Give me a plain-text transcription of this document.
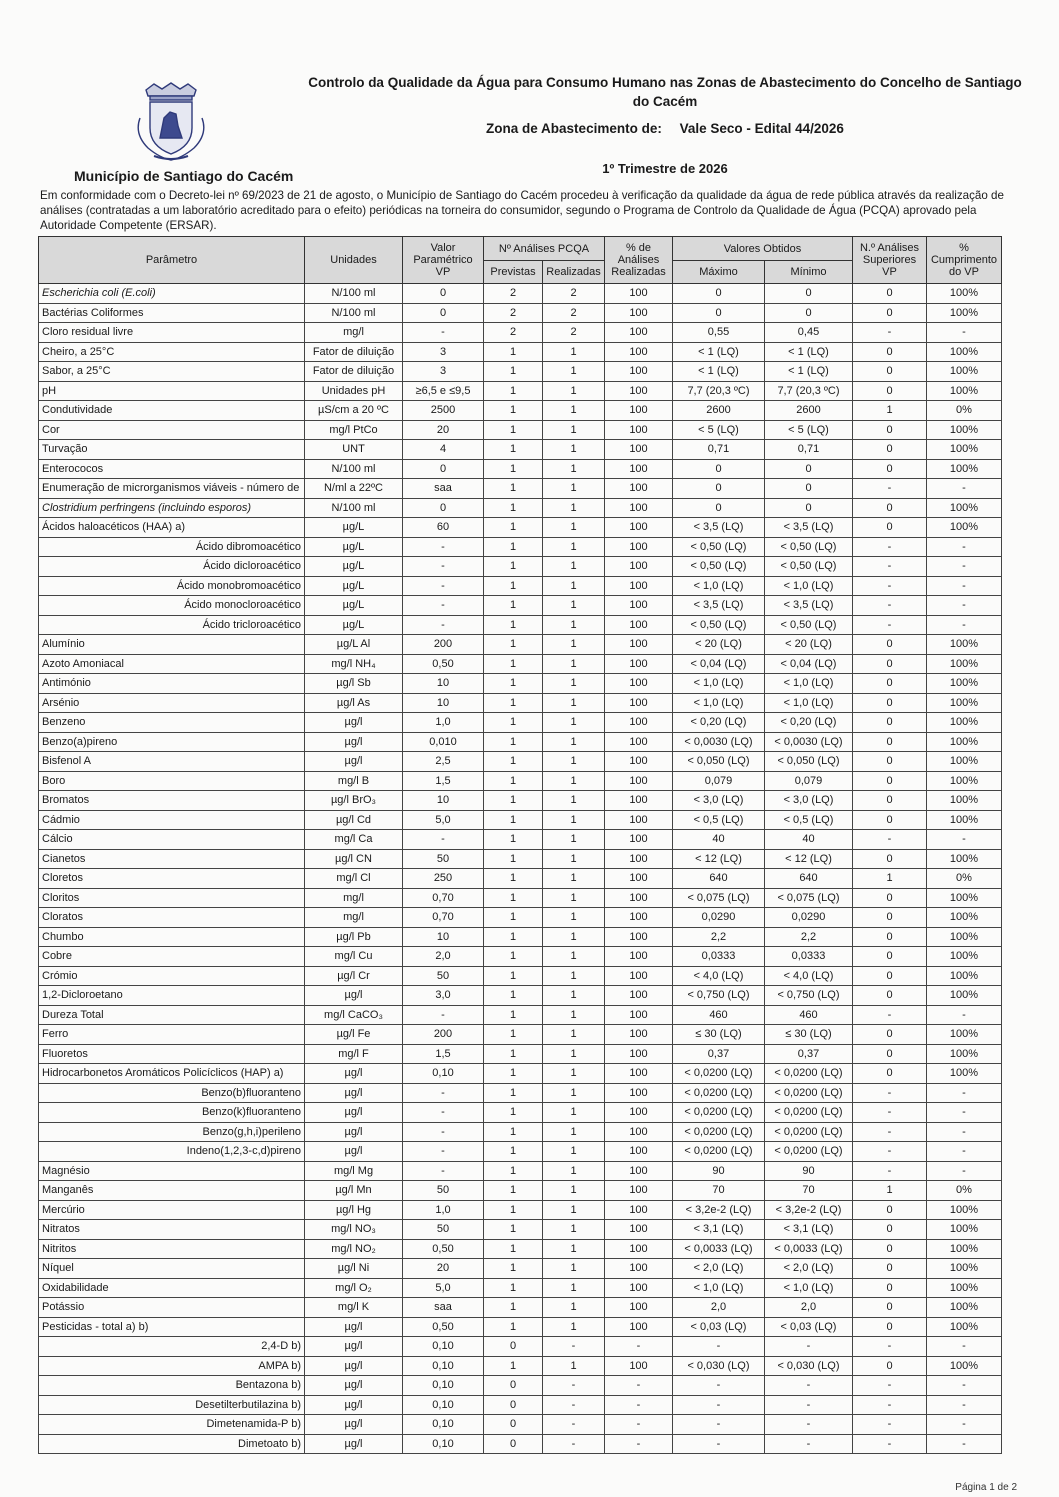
Controlo da Qualidade da Água para Consumo Humano nas Zonas de Abastecimento do Concelho de Santiago do Cacém
Zona de Abastecimento de: Vale Seco - Edital 44/2026
Município de Santiago do Cacém	1º Trimestre de 2026
Em conformidade com o Decreto-lei nº 69/2023 de 21 de agosto, o Município de Santiago do Cacém procedeu à verificação da qualidade da água de rede pública através da realização de análises (contratadas a um laboratório acreditado para o efeito) periódicas na torneira do consumidor, segundo o Programa de Controlo da Qualidade de Água (PCQA) aprovado pela Autoridade Competente (ERSAR).
Parâmetro	Unidades	Valor Paramétrico VP	Nº Análises PCQA		% de Análises Realizadas	Valores Obtidos		N.º Análises Superiores VP	% Cumprimento do VP
			Previstas	Realizadas		Máximo	Mínimo		
Escherichia coli (E.coli)	N/100 ml	0	2	2	100	0	0	0	100%
Bactérias Coliformes	N/100 ml	0	2	2	100	0	0	0	100%
Cloro residual livre	mg/l	-	2	2	100	0,55	0,45	-	-
Cheiro, a 25°C	Fator de diluição	3	1	1	100	< 1 (LQ)	< 1 (LQ)	0	100%
Sabor, a 25°C	Fator de diluição	3	1	1	100	< 1 (LQ)	< 1 (LQ)	0	100%
pH	Unidades pH	≥6,5 e ≤9,5	1	1	100	7,7 (20,3 ºC)	7,7 (20,3 ºC)	0	100%
Condutividade	µS/cm a 20 ºC	2500	1	1	100	2600	2600	1	0%
Cor	mg/l PtCo	20	1	1	100	< 5 (LQ)	< 5 (LQ)	0	100%
Turvação	UNT	4	1	1	100	0,71	0,71	0	100%
Enterococos	N/100 ml	0	1	1	100	0	0	0	100%
Enumeração de microrganismos viáveis - número de	N/ml a 22ºC	saa	1	1	100	0	0	-	-
Clostridium perfringens (incluindo esporos)	N/100 ml	0	1	1	100	0	0	0	100%
Ácidos haloacéticos (HAA) a)	µg/L	60	1	1	100	< 3,5 (LQ)	< 3,5 (LQ)	0	100%
Ácido dibromoacético	µg/L	-	1	1	100	< 0,50 (LQ)	< 0,50 (LQ)	-	-
Ácido dicloroacético	µg/L	-	1	1	100	< 0,50 (LQ)	< 0,50 (LQ)	-	-
Ácido monobromoacético	µg/L	-	1	1	100	< 1,0 (LQ)	< 1,0 (LQ)	-	-
Ácido monocloroacético	µg/L	-	1	1	100	< 3,5 (LQ)	< 3,5 (LQ)	-	-
Ácido tricloroacético	µg/L	-	1	1	100	< 0,50 (LQ)	< 0,50 (LQ)	-	-
Alumínio	µg/L Al	200	1	1	100	< 20 (LQ)	< 20 (LQ)	0	100%
Azoto Amoniacal	mg/l NH₄	0,50	1	1	100	< 0,04 (LQ)	< 0,04 (LQ)	0	100%
Antimónio	µg/l Sb	10	1	1	100	< 1,0 (LQ)	< 1,0 (LQ)	0	100%
Arsénio	µg/l As	10	1	1	100	< 1,0 (LQ)	< 1,0 (LQ)	0	100%
Benzeno	µg/l	1,0	1	1	100	< 0,20 (LQ)	< 0,20 (LQ)	0	100%
Benzo(a)pireno	µg/l	0,010	1	1	100	< 0,0030 (LQ)	< 0,0030 (LQ)	0	100%
Bisfenol A	µg/l	2,5	1	1	100	< 0,050 (LQ)	< 0,050 (LQ)	0	100%
Boro	mg/l B	1,5	1	1	100	0,079	0,079	0	100%
Bromatos	µg/l BrO₃	10	1	1	100	< 3,0 (LQ)	< 3,0 (LQ)	0	100%
Cádmio	µg/l Cd	5,0	1	1	100	< 0,5 (LQ)	< 0,5 (LQ)	0	100%
Cálcio	mg/l Ca	-	1	1	100	40	40	-	-
Cianetos	µg/l CN	50	1	1	100	< 12 (LQ)	< 12 (LQ)	0	100%
Cloretos	mg/l Cl	250	1	1	100	640	640	1	0%
Cloritos	mg/l	0,70	1	1	100	< 0,075 (LQ)	< 0,075 (LQ)	0	100%
Cloratos	mg/l	0,70	1	1	100	0,0290	0,0290	0	100%
Chumbo	µg/l Pb	10	1	1	100	2,2	2,2	0	100%
Cobre	mg/l Cu	2,0	1	1	100	0,0333	0,0333	0	100%
Crómio	µg/l Cr	50	1	1	100	< 4,0 (LQ)	< 4,0 (LQ)	0	100%
1,2-Dicloroetano	µg/l	3,0	1	1	100	< 0,750 (LQ)	< 0,750 (LQ)	0	100%
Dureza Total	mg/l CaCO₃	-	1	1	100	460	460	-	-
Ferro	µg/l Fe	200	1	1	100	≤ 30 (LQ)	≤ 30 (LQ)	0	100%
Fluoretos	mg/l F	1,5	1	1	100	0,37	0,37	0	100%
Hidrocarbonetos Aromáticos Policíclicos (HAP) a)	µg/l	0,10	1	1	100	< 0,0200 (LQ)	< 0,0200 (LQ)	0	100%
Benzo(b)fluoranteno	µg/l	-	1	1	100	< 0,0200 (LQ)	< 0,0200 (LQ)	-	-
Benzo(k)fluoranteno	µg/l	-	1	1	100	< 0,0200 (LQ)	< 0,0200 (LQ)	-	-
Benzo(g,h,i)perileno	µg/l	-	1	1	100	< 0,0200 (LQ)	< 0,0200 (LQ)	-	-
Indeno(1,2,3-c,d)pireno	µg/l	-	1	1	100	< 0,0200 (LQ)	< 0,0200 (LQ)	-	-
Magnésio	mg/l Mg	-	1	1	100	90	90	-	-
Manganês	µg/l Mn	50	1	1	100	70	70	1	0%
Mercúrio	µg/l Hg	1,0	1	1	100	< 3,2e-2 (LQ)	< 3,2e-2 (LQ)	0	100%
Nitratos	mg/l NO₃	50	1	1	100	< 3,1 (LQ)	< 3,1 (LQ)	0	100%
Nitritos	mg/l NO₂	0,50	1	1	100	< 0,0033 (LQ)	< 0,0033 (LQ)	0	100%
Níquel	µg/l Ni	20	1	1	100	< 2,0 (LQ)	< 2,0 (LQ)	0	100%
Oxidabilidade	mg/l O₂	5,0	1	1	100	< 1,0 (LQ)	< 1,0 (LQ)	0	100%
Potássio	mg/l K	saa	1	1	100	2,0	2,0	0	100%
Pesticidas - total a) b)	µg/l	0,50	1	1	100	< 0,03 (LQ)	< 0,03 (LQ)	0	100%
2,4-D b)	µg/l	0,10	0	-	-	-	-	-	-
AMPA b)	µg/l	0,10	1	1	100	< 0,030 (LQ)	< 0,030 (LQ)	0	100%
Bentazona b)	µg/l	0,10	0	-	-	-	-	-	-
Desetilterbutilazina b)	µg/l	0,10	0	-	-	-	-	-	-
Dimetenamida-P b)	µg/l	0,10	0	-	-	-	-	-	-
Dimetoato b)	µg/l	0,10	0	-	-	-	-	-	-
Página 1 de 2
